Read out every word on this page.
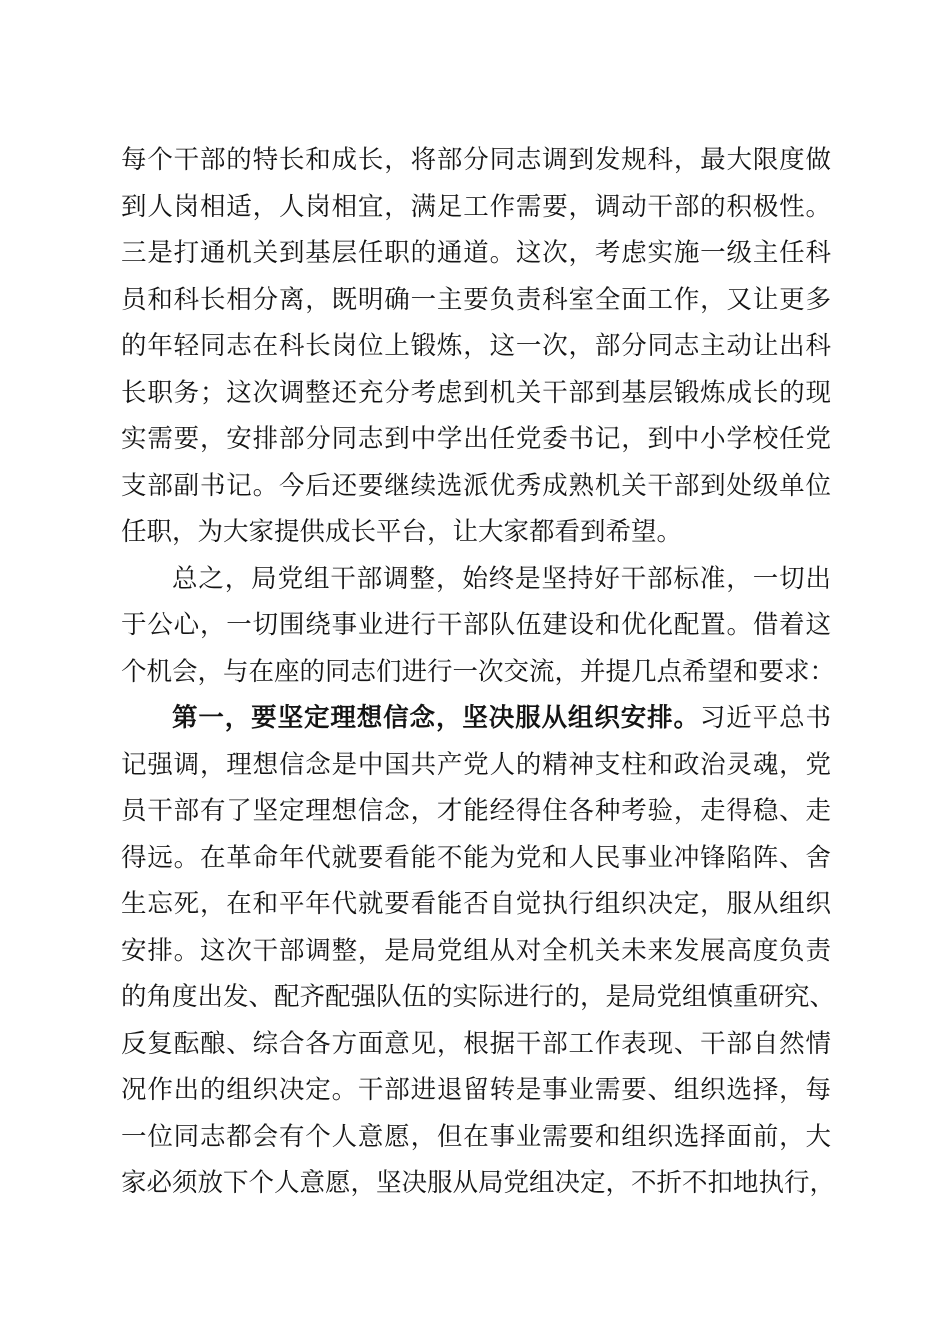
每个干部的特长和成长，将部分同志调到发规科，最大限度做
到人岗相适，人岗相宜，满足工作需要，调动干部的积极性。
三是打通机关到基层任职的通道。这次，考虑实施一级主任科
员和科长相分离，既明确一主要负责科室全面工作，又让更多
的年轻同志在科长岗位上锻炼，这一次，部分同志主动让出科
长职务；这次调整还充分考虑到机关干部到基层锻炼成长的现
实需要，安排部分同志到中学出任党委书记，到中小学校任党
支部副书记。今后还要继续选派优秀成熟机关干部到处级单位
任职，为大家提供成长平台，让大家都看到希望。
总之，局党组干部调整，始终是坚持好干部标准，一切出
于公心，一切围绕事业进行干部队伍建设和优化配置。借着这
个机会，与在座的同志们进行一次交流，并提几点希望和要求：
第一，要坚定理想信念，坚决服从组织安排。习近平总书
记强调，理想信念是中国共产党人的精神支柱和政治灵魂，党
员干部有了坚定理想信念，才能经得住各种考验，走得稳、走
得远。在革命年代就要看能不能为党和人民事业冲锋陷阵、舍
生忘死，在和平年代就要看能否自觉执行组织决定，服从组织
安排。这次干部调整，是局党组从对全机关未来发展高度负责
的角度出发、配齐配强队伍的实际进行的，是局党组慎重研究、
反复酝酿、综合各方面意见，根据干部工作表现、干部自然情
况作出的组织决定。干部进退留转是事业需要、组织选择，每
一位同志都会有个人意愿，但在事业需要和组织选择面前，大
家必须放下个人意愿，坚决服从局党组决定，不折不扣地执行，
